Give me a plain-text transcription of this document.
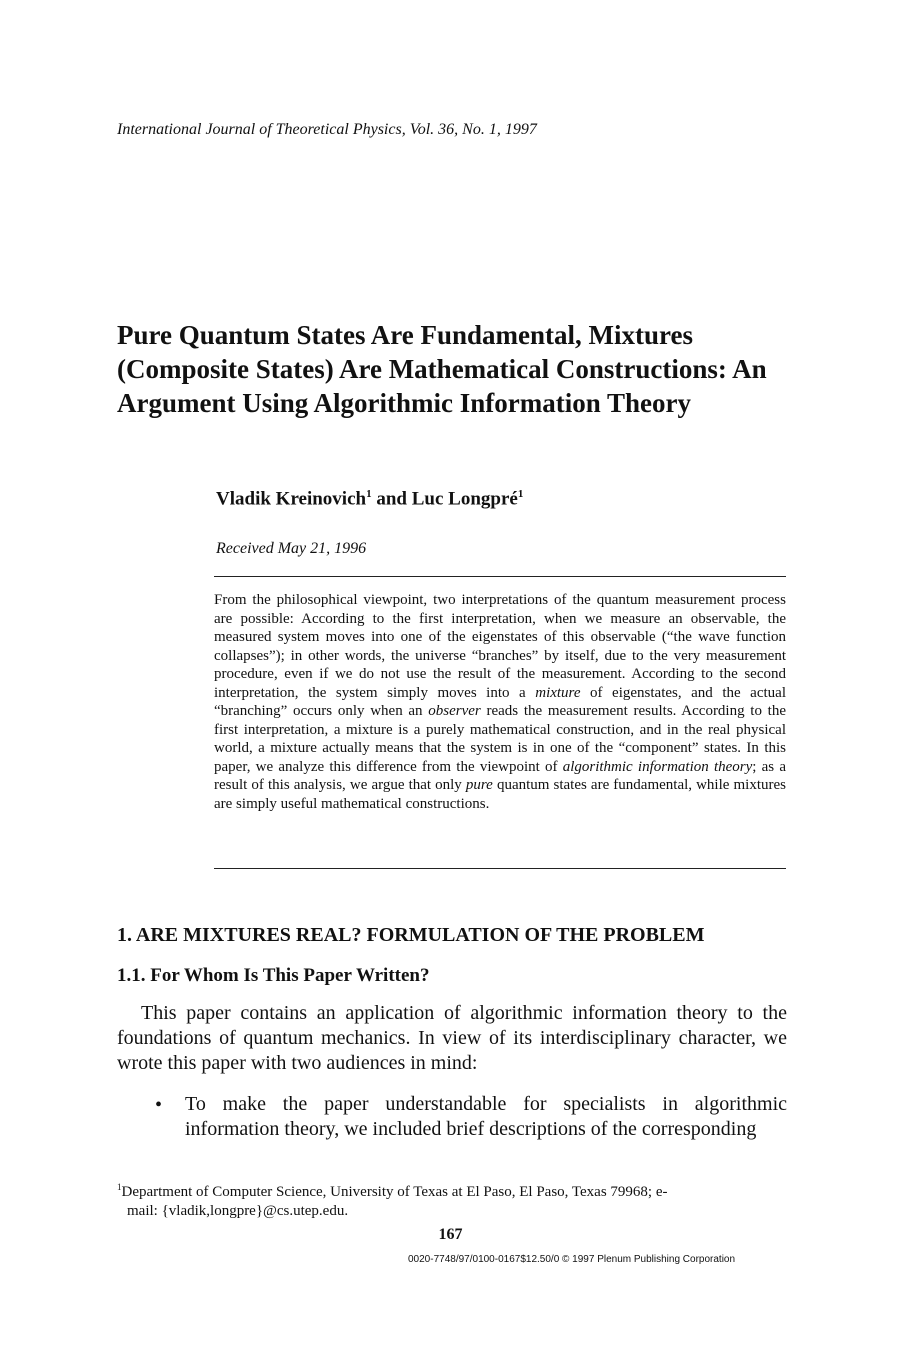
International Journal of Theoretical Physics, Vol. 36, No. 1, 1997
Pure Quantum States Are Fundamental, Mixtures (Composite States) Are Mathematical Constructions: An Argument Using Algorithmic Information Theory
Vladik Kreinovich$^1$ and Luc Longpré$^1$
Received May 21, 1996

From the philosophical viewpoint, two interpretations of the quantum measurement process are possible: According to the first interpretation, when we measure an observable, the measured system moves into one of the eigenstates of this observable (“the wave function collapses”); in other words, the universe “branches” by itself, due to the very measurement procedure, even if we do not use the result of the measurement. According to the second interpretation, the system simply moves into a mixture of eigenstates, and the actual “branching” occurs only when an observer reads the measurement results. According to the first interpretation, a mixture is a purely mathematical construction, and in the real physical world, a mixture actually means that the system is in one of the “component” states. In this paper, we analyze this difference from the viewpoint of algorithmic information theory; as a result of this analysis, we argue that only pure quantum states are fundamental, while mixtures are simply useful mathematical constructions.

1. ARE MIXTURES REAL? FORMULATION OF THE PROBLEM
1.1. For Whom Is This Paper Written?

This paper contains an application of algorithmic information theory to the foundations of quantum mechanics. In view of its interdisciplinary character, we wrote this paper with two audiences in mind:

• To make the paper understandable for specialists in algorithmic information theory, we included brief descriptions of the corresponding

$^1$Department of Computer Science, University of Texas at El Paso, El Paso, Texas 79968; e-
mail: {vladik,longpre}@cs.utep.edu.

167
0020-7748/97/0100-0167$12.50/0 © 1997 Plenum Publishing Corporation
